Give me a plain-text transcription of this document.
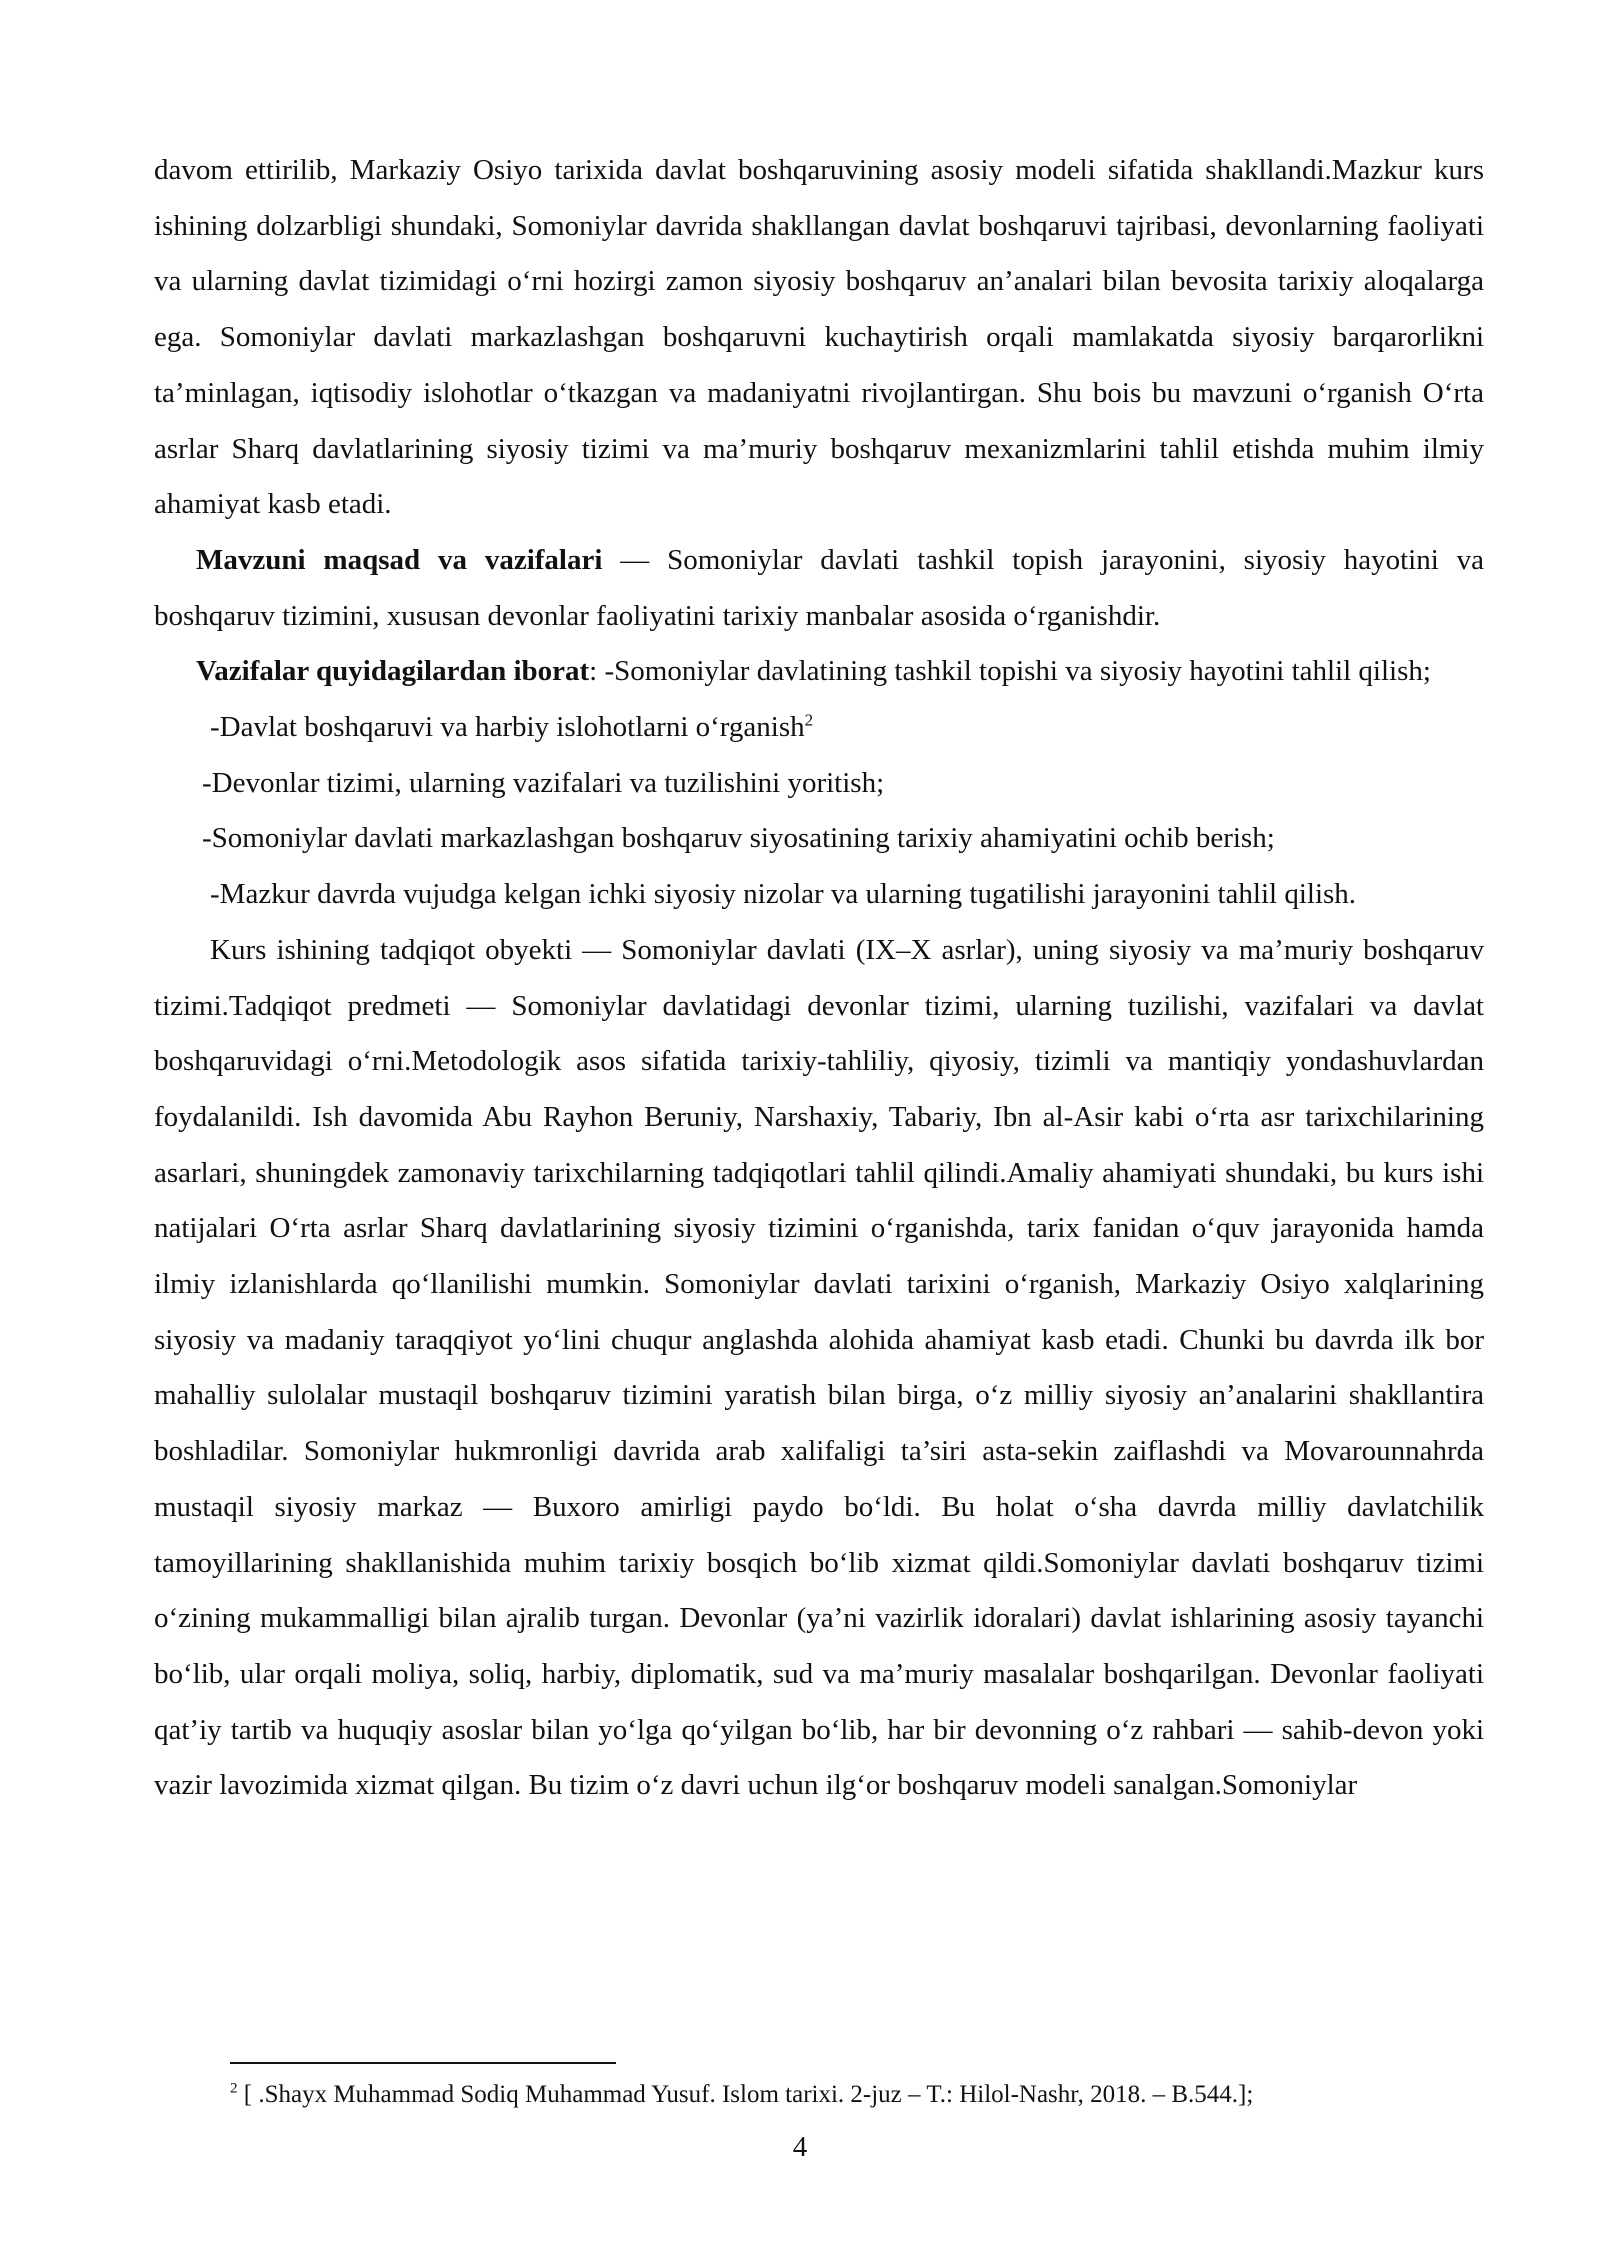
davom ettirilib, Markaziy Osiyo tarixida davlat boshqaruvining asosiy modeli sifatida shakllandi.Mazkur kurs ishining dolzarbligi shundaki, Somoniylar davrida shakllangan davlat boshqaruvi tajribasi, devonlarning faoliyati va ularning davlat tizimidagi o‘rni hozirgi zamon siyosiy boshqaruv an’analari bilan bevosita tarixiy aloqalarga ega. Somoniylar davlati markazlashgan boshqaruvni kuchaytirish orqali mamlakatda siyosiy barqarorlikni ta’minlagan, iqtisodiy islohotlar o‘tkazgan va madaniyatni rivojlantirgan. Shu bois bu mavzuni o‘rganish O‘rta asrlar Sharq davlatlarining siyosiy tizimi va ma’muriy boshqaruv mexanizmlarini tahlil etishda muhim ilmiy ahamiyat kasb etadi.

Mavzuni maqsad va vazifalari — Somoniylar davlati tashkil topish jarayonini, siyosiy hayotini va boshqaruv tizimini, xususan devonlar faoliyatini tarixiy manbalar asosida o‘rganishdir.

Vazifalar quyidagilardan iborat: -Somoniylar davlatining tashkil topishi va siyosiy hayotini tahlil qilish;

-Davlat boshqaruvi va harbiy islohotlarni o‘rganish$^2$

-Devonlar tizimi, ularning vazifalari va tuzilishini yoritish;

-Somoniylar davlati markazlashgan boshqaruv siyosatining tarixiy ahamiyatini ochib berish;

-Mazkur davrda vujudga kelgan ichki siyosiy nizolar va ularning tugatilishi jarayonini tahlil qilish.

Kurs ishining tadqiqot obyekti — Somoniylar davlati (IX–X asrlar), uning siyosiy va ma’muriy boshqaruv tizimi.Tadqiqot predmeti — Somoniylar davlatidagi devonlar tizimi, ularning tuzilishi, vazifalari va davlat boshqaruvidagi o‘rni.Metodologik asos sifatida tarixiy-tahliliy, qiyosiy, tizimli va mantiqiy yondashuvlardan foydalanildi. Ish davomida Abu Rayhon Beruniy, Narshaxiy, Tabariy, Ibn al-Asir kabi o‘rta asr tarixchilarining asarlari, shuningdek zamonaviy tarixchilarning tadqiqotlari tahlil qilindi.Amaliy ahamiyati shundaki, bu kurs ishi natijalari O‘rta asrlar Sharq davlatlarining siyosiy tizimini o‘rganishda, tarix fanidan o‘quv jarayonida hamda ilmiy izlanishlarda qo‘llanilishi mumkin. Somoniylar davlati tarixini o‘rganish, Markaziy Osiyo xalqlarining siyosiy va madaniy taraqqiyot yo‘lini chuqur anglashda alohida ahamiyat kasb etadi. Chunki bu davrda ilk bor mahalliy sulolalar mustaqil boshqaruv tizimini yaratish bilan birga, o‘z milliy siyosiy an’analarini shakllantira boshladilar. Somoniylar hukmronligi davrida arab xalifaligi ta’siri asta-sekin zaiflashdi va Movarounnahrda mustaqil siyosiy markaz — Buxoro amirligi paydo bo‘ldi. Bu holat o‘sha davrda milliy davlatchilik tamoyillarining shakllanishida muhim tarixiy bosqich bo‘lib xizmat qildi.Somoniylar davlati boshqaruv tizimi o‘zining mukammalligi bilan ajralib turgan. Devonlar (ya’ni vazirlik idoralari) davlat ishlarining asosiy tayanchi bo‘lib, ular orqali moliya, soliq, harbiy, diplomatik, sud va ma’muriy masalalar boshqarilgan. Devonlar faoliyati qat’iy tartib va huquqiy asoslar bilan yo‘lga qo‘yilgan bo‘lib, har bir devonning o‘z rahbari — sahib-devon yoki vazir lavozimida xizmat qilgan. Bu tizim o‘z davri uchun ilg‘or boshqaruv modeli sanalgan.Somoniylar

$^2$ [ .Shayx Muhammad Sodiq Muhammad Yusuf. Islom tarixi. 2-juz – T.: Hilol-Nashr, 2018. – B.544.];

4
